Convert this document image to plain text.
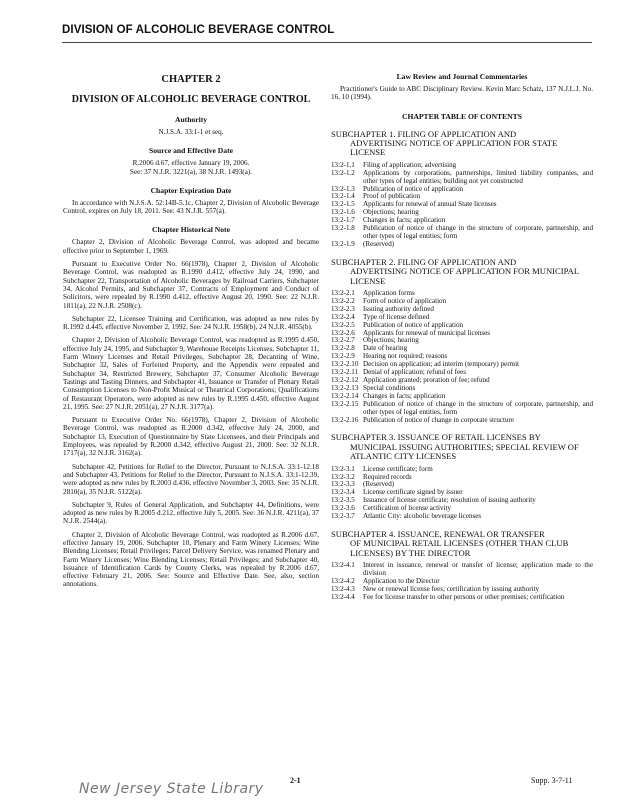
DIVISION OF ALCOHOLIC BEVERAGE CONTROL
CHAPTER 2
DIVISION OF ALCOHOLIC BEVERAGE CONTROL
Authority
N.J.S.A. 33:1-1 et seq.
Source and Effective Date
R.2006 d.67, effective January 19, 2006.
See: 37 N.J.R. 3221(a), 38 N.J.R. 1493(a).
Chapter Expiration Date

In accordance with N.J.S.A. 52:14B-5.1c, Chapter 2, Division of Alcoholic Beverage Control, expires on July 18, 2011. See: 43 N.J.R. 557(a).

Chapter Historical Note

Chapter 2, Division of Alcoholic Beverage Control, was adopted and became effective prior to September 1, 1969.

Pursuant to Executive Order No. 66(1978), Chapter 2, Division of Alcoholic Beverage Control, was readopted as R.1990 d.412, effective July 24, 1990, and Subchapter 22, Transportation of Alcoholic Beverages by Railroad Carriers, Subchapter 34, Alcohol Permits, and Subchapter 37, Contracts of Employment and Conduct of Solicitors, were repealed by R.1990 d.412, effective August 20, 1990. See: 22 N.J.R. 1811(a), 22 N.J.R. 2508(c).

Subchapter 22, Licensee Training and Certification, was adopted as new rules by R.1992 d.445, effective November 2, 1992. See: 24 N.J.R. 1958(b), 24 N.J.R. 4055(b).

Chapter 2, Division of Alcoholic Beverage Control, was readopted as R.1995 d.450, effective July 24, 1995, and Subchapter 9, Warehouse Receipts Licenses, Subchapter 11, Farm Winery Licenses and Retail Privileges, Subchapter 28, Decanting of Wine, Subchapter 32, Sales of Forfeited Property, and the Appendix were repealed and Subchapter 34, Restricted Brewery, Subchapter 37, Consumer Alcoholic Beverage Tastings and Tasting Dinners, and Subchapter 41, Issuance or Transfer of Plenary Retail Consumption Licenses to Non-Profit Musical or Theatrical Corporations; Qualifications of Restaurant Operators, were adopted as new rules by R.1995 d.450, effective August 21, 1995. See: 27 N.J.R. 2051(a), 27 N.J.R. 3177(a).

Pursuant to Executive Order No. 66(1978), Chapter 2, Division of Alcoholic Beverage Control, was readopted as R.2000 d.342, effective July 24, 2000, and Subchapter 13, Execution of Questionnaire by State Licensees, and their Principals and Employees, was repealed by R.2000 d.342, effective August 21, 2000. See: 32 N.J.R. 1717(a), 32 N.J.R. 3162(a).

Subchapter 42, Petitions for Relief to the Director, Pursuant to N.J.S.A. 33:1-12.18 and Subchapter 43, Petitions for Relief to the Director, Pursuant to N.J.S.A. 33:1-12.39, were adopted as new rules by R.2003 d.436, effective November 3, 2003. See: 35 N.J.R. 2810(a), 35 N.J.R. 5122(a).

Subchapter 9, Rules of General Application, and Subchapter 44, Definitions, were adopted as new rules by R.2005 d.212, effective July 5, 2005. See: 36 N.J.R. 4211(a), 37 N.J.R. 2544(a).

Chapter 2, Division of Alcoholic Beverage Control, was readopted as R.2006 d.67, effective January 19, 2006. Subchapter 10, Plenary and Farm Winery Licenses; Wine Blending Licenses; Retail Privileges; Parcel Delivery Service, was renamed Plenary and Farm Winery Licenses; Wine Blending Licenses; Retail Privileges; and Subchapter 40, Issuance of Identification Cards by County Clerks, was repealed by R.2006 d.67, effective February 21, 2006. See: Source and Effective Date. See, also, section annotations.

Law Review and Journal Commentaries

Practitioner's Guide to ABC Disciplinary Review. Kevin Marc Schatz, 137 N.J.L.J. No. 16, 10 (1994).

CHAPTER TABLE OF CONTENTS
SUBCHAPTER 1. FILING OF APPLICATION AND
ADVERTISING NOTICE OF APPLICATION FOR STATE LICENSE
13:2-1.1	Filing of application; advertising
13:2-1.2	Applications by corporations, partnerships, limited liability companies, and other types of legal entities; building not yet constructed
13:2-1.3	Publication of notice of application
13:2-1.4	Proof of publication
13:2-1.5	Applicants for renewal of annual State licenses
13:2-1.6	Objections; hearing
13:2-1.7	Changes in facts; application
13:2-1.8	Publication of notice of change in the structure of corporate, partnership, and other types of legal entities; form
13:2-1.9	(Reserved)
SUBCHAPTER 2. FILING OF APPLICATION AND
ADVERTISING NOTICE OF APPLICATION FOR MUNICIPAL LICENSE
13:2-2.1	Application forms
13:2-2.2	Form of notice of application
13:2-2.3	Issuing authority defined
13:2-2.4	Type of license defined
13:2-2.5	Publication of notice of application
13:2-2.6	Applicants for renewal of municipal licenses
13:2-2.7	Objections; hearing
13:2-2.8	Date of hearing
13:2-2.9	Hearing not required; reasons
13:2-2.10 Decision on application; ad interim (temporary) permit
13:2-2.11 Denial of application; refund of fees
13:2-2.12 Application granted; proration of fee; refund
13:2-2.13 Special conditions
13:2-2.14 Changes in facts; application
13:2-2.15 Publication of notice of change in the structure of corporate, partnership, and other types of legal entities, form
13:2-2.16 Publication of notice of change in corporate structure
SUBCHAPTER 3. ISSUANCE OF RETAIL LICENSES BY
MUNICIPAL ISSUING AUTHORITIES; SPECIAL REVIEW OF ATLANTIC CITY LICENSES
13:2-3.1	License certificate; form
13:2-3.2	Required records
13:2-3.3	(Reserved)
13:2-3.4	License certificate signed by issuer
13:2-3.5	Issuance of license certificate; resolution of issuing authority
13:2-3.6	Certification of license activity
13:2-3.7	Atlantic City: alcoholic beverage licenses
SUBCHAPTER 4. ISSUANCE, RENEWAL OR TRANSFER
OF MUNICIPAL RETAIL LICENSES (OTHER THAN CLUB LICENSES) BY THE DIRECTOR
13:2-4.1	Interest in issuance, renewal or transfer of license; application made to the division
13:2-4.2	Application to the Director
13:2-4.3	New or renewal license fees; certification by issuing authority
13:2-4.4	Fee for license transfer to other persons or other premises; certification
2-1	Supp. 3-7-11
New Jersey State Library
